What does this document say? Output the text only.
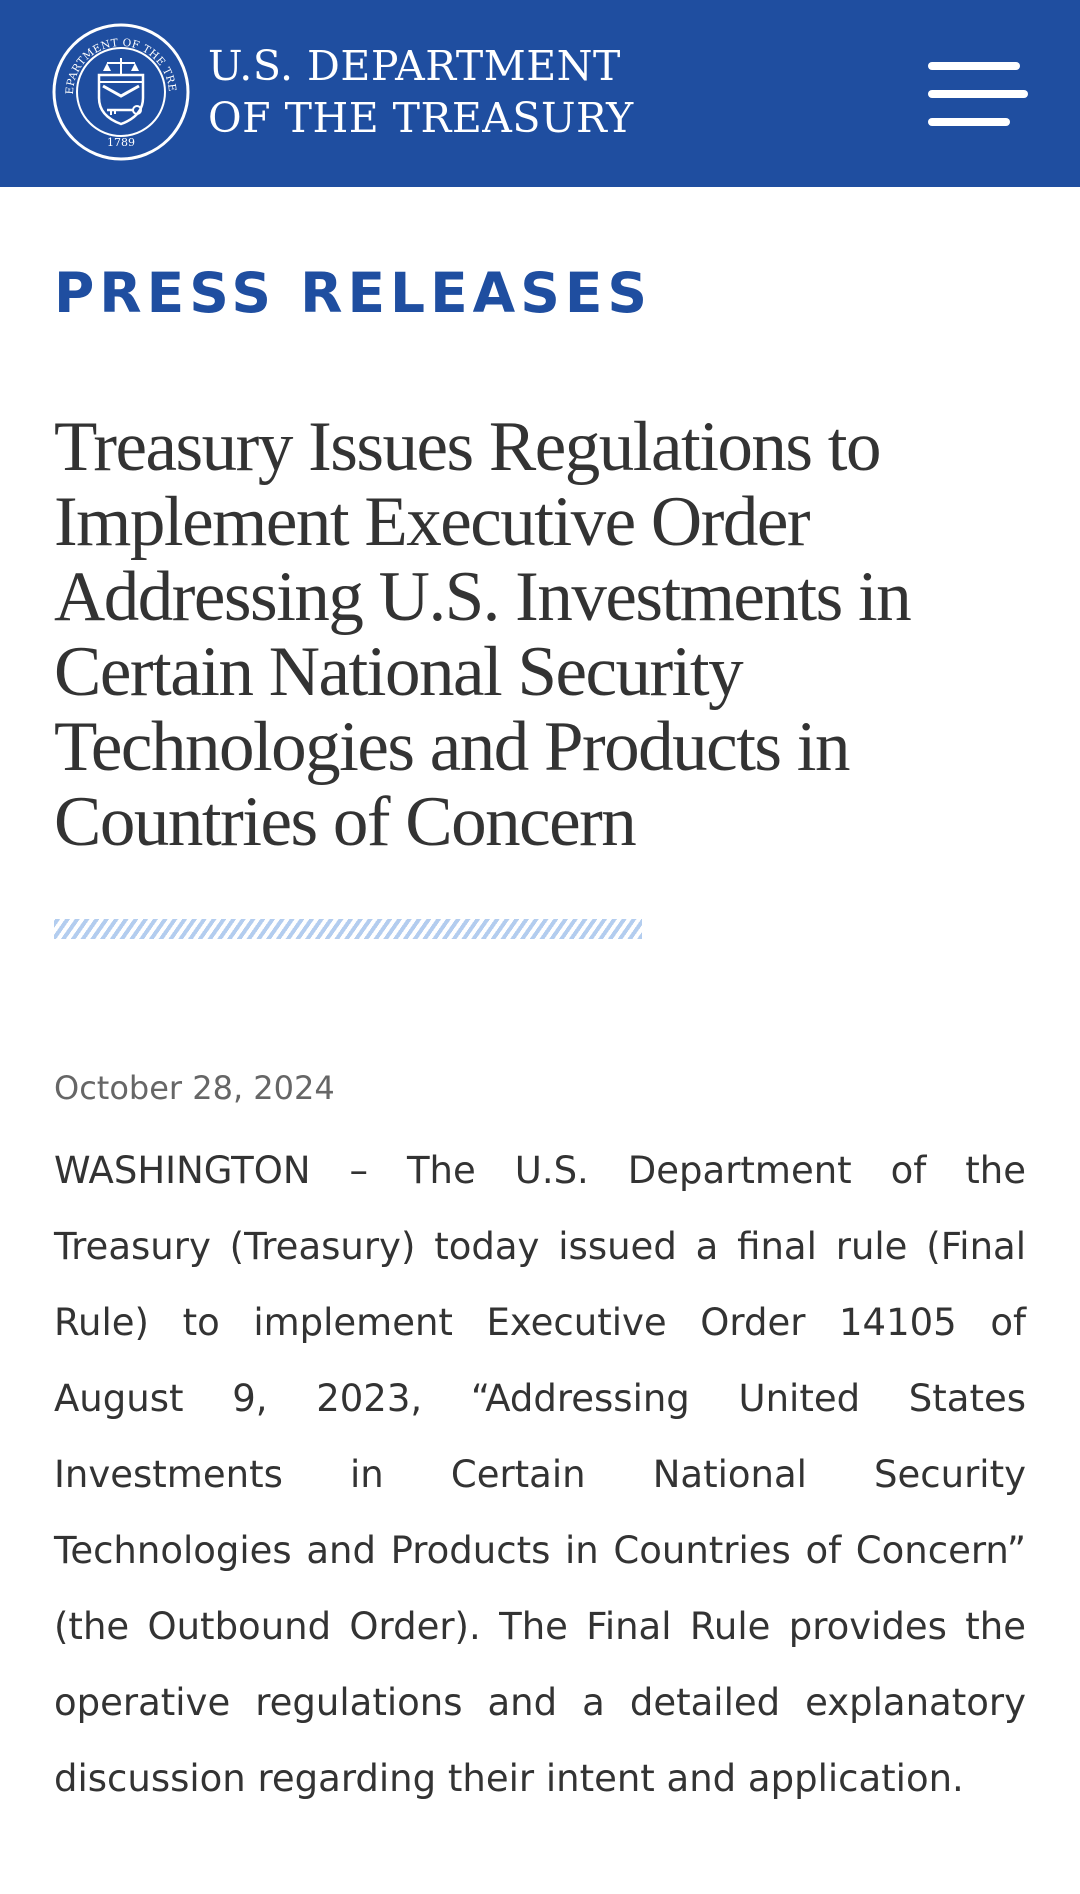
EPARTMENT OF THE TRE
1789
U.S. DEPARTMENT
OF THE TREASURY
PRESS RELEASES
Treasury Issues Regulations to Implement Executive Order Addressing U.S. Investments in Certain National Security Technologies and Products in Countries of Concern
October 28, 2024

WASHINGTON – The U.S. Department of the Treasury (Treasury) today issued a final rule (Final Rule) to implement Executive Order 14105 of August 9, 2023, “Addressing United States Investments in Certain National Security Technologies and Products in Countries of Concern” (the Outbound Order). The Final Rule provides the operative regulations and a detailed explanatory discussion regarding their intent and application.
